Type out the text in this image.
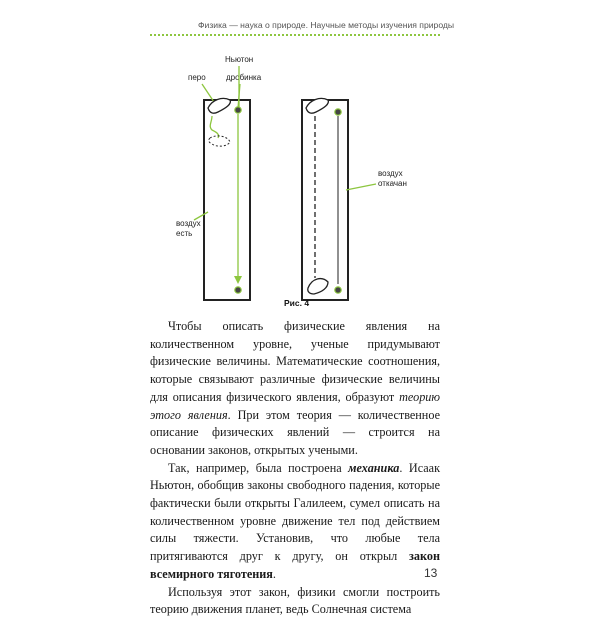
Физика — наука о природе. Научные методы изучения природы
Ньютон
перо	дробинка
воздух
есть
воздух
откачан
Рис. 4

Чтобы описать физические явления на количественном уровне, ученые придумывают физические величины. Математические соотношения, которые связывают различные физические величины для описания физического явления, образуют теорию этого явления. При этом теория — количественное описание физических явлений — строится на основании законов, открытых учеными.

Так, например, была построена механика. Исаак Ньютон, обобщив законы свободного падения, которые фактически были открыты Галилеем, сумел описать на количественном уровне движение тел под действием силы тяжести. Установив, что любые тела притягиваются друг к другу, он открыл закон всемирного тяготения.

Используя этот закон, физики смогли построить теорию движения планет, ведь Солнечная система

13
